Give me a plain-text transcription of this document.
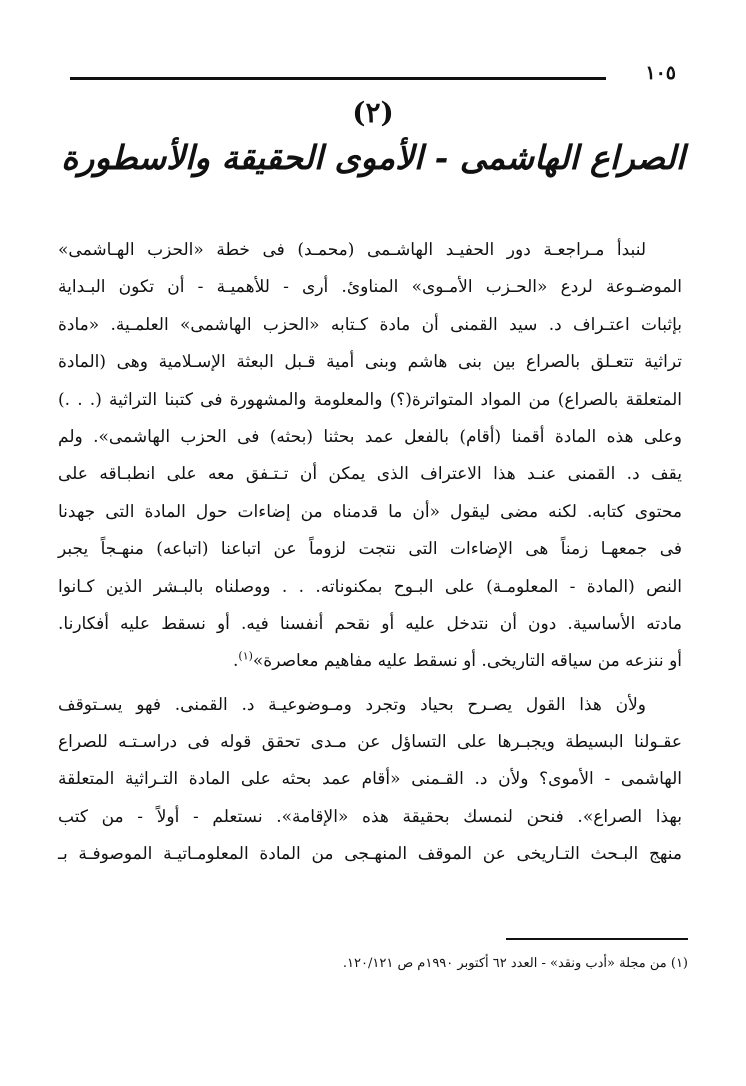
١٠٥
(٢)
الصراع الهاشمى - الأموى الحقيقة والأسطورة
لنبدأ مـراجعـة دور الحفيـد الهاشـمى (محمـد) فى خطة «الحزب الهـاشمى»
الموضـوعة لردع «الحـزب الأمـوى» المناوئ. أرى - للأهميـة - أن تكون البـداية
بإثبات اعتـراف د. سيد القمنى أن مادة كـتابه «الحزب الهاشمى» العلمـية. «مادة
تراثية تتعـلق بالصراع بين بنى هاشم وبنى أمية قـبل البعثة الإسـلامية وهى (المادة
المتعلقة بالصراع) من المواد المتواترة(؟) والمعلومة والمشهورة فى كتبنا التراثية (. . .)
وعلى هذه المادة أقمنا (أقام) بالفعل عمد بحثنا (بحثه) فى الحزب الهاشمى». ولم
يقف د. القمنى عنـد هذا الاعتراف الذى يمكن أن تـتـفق معه على انطبـاقه على
محتوى كتابه. لكنه مضى ليقول «أن ما قدمناه من إضاءات حول المادة التى جهدنا
فى جمعهـا زمناً هى الإضاءات التى نتجت لزوماً عن اتباعنا (اتباعه) منهـجاً يجبر
النص (المادة - المعلومـة) على البـوح بمكنوناته. . . ووصلناه بالبـشر الذين كـانوا
مادته الأساسية. دون أن نتدخل عليه أو نقحم أنفسنا فيه. أو نسقط عليه أفكارنا.
أو ننزعه من سياقه التاريخى. أو نسقط عليه مفاهيم معاصرة»$^{(١)}$.
ولأن هذا القول يصـرح بحياد وتجرد ومـوضوعيـة د. القمنى. فهو يسـتوقف
عقـولنا البسيطة ويجبـرها على التساؤل عن مـدى تحقق قوله فى دراسـتـه للصراع
الهاشمى - الأموى؟ ولأن د. القـمنى «أقام عمد بحثه على المادة التـراثية المتعلقة
بهذا الصراع». فنحن لنمسك بحقيقة هذه «الإقامة». نستعلم - أولاً - من كتب
منهج البـحث التـاريخى عن الموقف المنهـجى من المادة المعلومـاتيـة الموصوفـة بـ
(١) من مجلة «أدب ونقد» - العدد ٦٢ أكتوبر ١٩٩٠م ص ١٢٠/١٢١.
